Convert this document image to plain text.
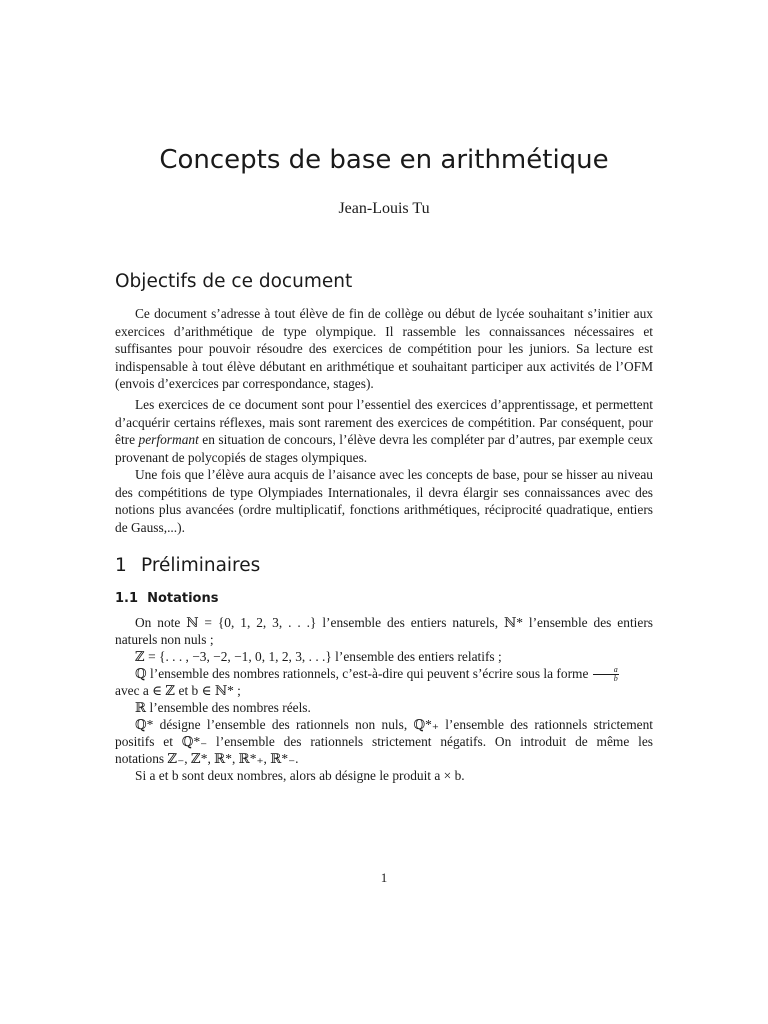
Concepts de base en arithmétique

Jean-Louis Tu

Objectifs de ce document

Ce document s’adresse à tout élève de fin de collège ou début de lycée souhaitant s’initier aux exercices d’arithmétique de type olympique. Il rassemble les connaissances nécessaires et suffisantes pour pouvoir résoudre des exercices de compétition pour les juniors. Sa lecture est indispensable à tout élève débutant en arithmétique et souhaitant participer aux activités de l’OFM (envois d’exercices par correspondance, stages).

Les exercices de ce document sont pour l’essentiel des exercices d’apprentissage, et permettent d’acquérir certains réflexes, mais sont rarement des exercices de compétition. Par conséquent, pour être performant en situation de concours, l’élève devra les compléter par d’autres, par exemple ceux provenant de polycopiés de stages olympiques.

Une fois que l’élève aura acquis de l’aisance avec les concepts de base, pour se hisser au niveau des compétitions de type Olympiades Internationales, il devra élargir ses connaissances avec des notions plus avancées (ordre multiplicatif, fonctions arithmétiques, réciprocité quadratique, entiers de Gauss,...).

1 Préliminaires
1.1 Notations

On note ℕ = {0, 1, 2, 3, . . .} l’ensemble des entiers naturels, ℕ* l’ensemble des entiers

naturels non nuls ;

ℤ = {. . . , −3, −2, −1, 0, 1, 2, 3, . . .} l’ensemble des entiers relatifs ;

ℚ l’ensemble des nombres rationnels, c’est-à-dire qui peuvent s’écrire sous la forme $\frac{a}{b}$

avec a ∈ ℤ et b ∈ ℕ* ;

ℝ l’ensemble des nombres réels.

ℚ* désigne l’ensemble des rationnels non nuls, ℚ*₊ l’ensemble des rationnels strictement

positifs et ℚ*₋ l’ensemble des rationnels strictement négatifs. On introduit de même les

notations ℤ₋, ℤ*, ℝ*, ℝ*₊, ℝ*₋.

Si a et b sont deux nombres, alors ab désigne le produit a × b.

1
